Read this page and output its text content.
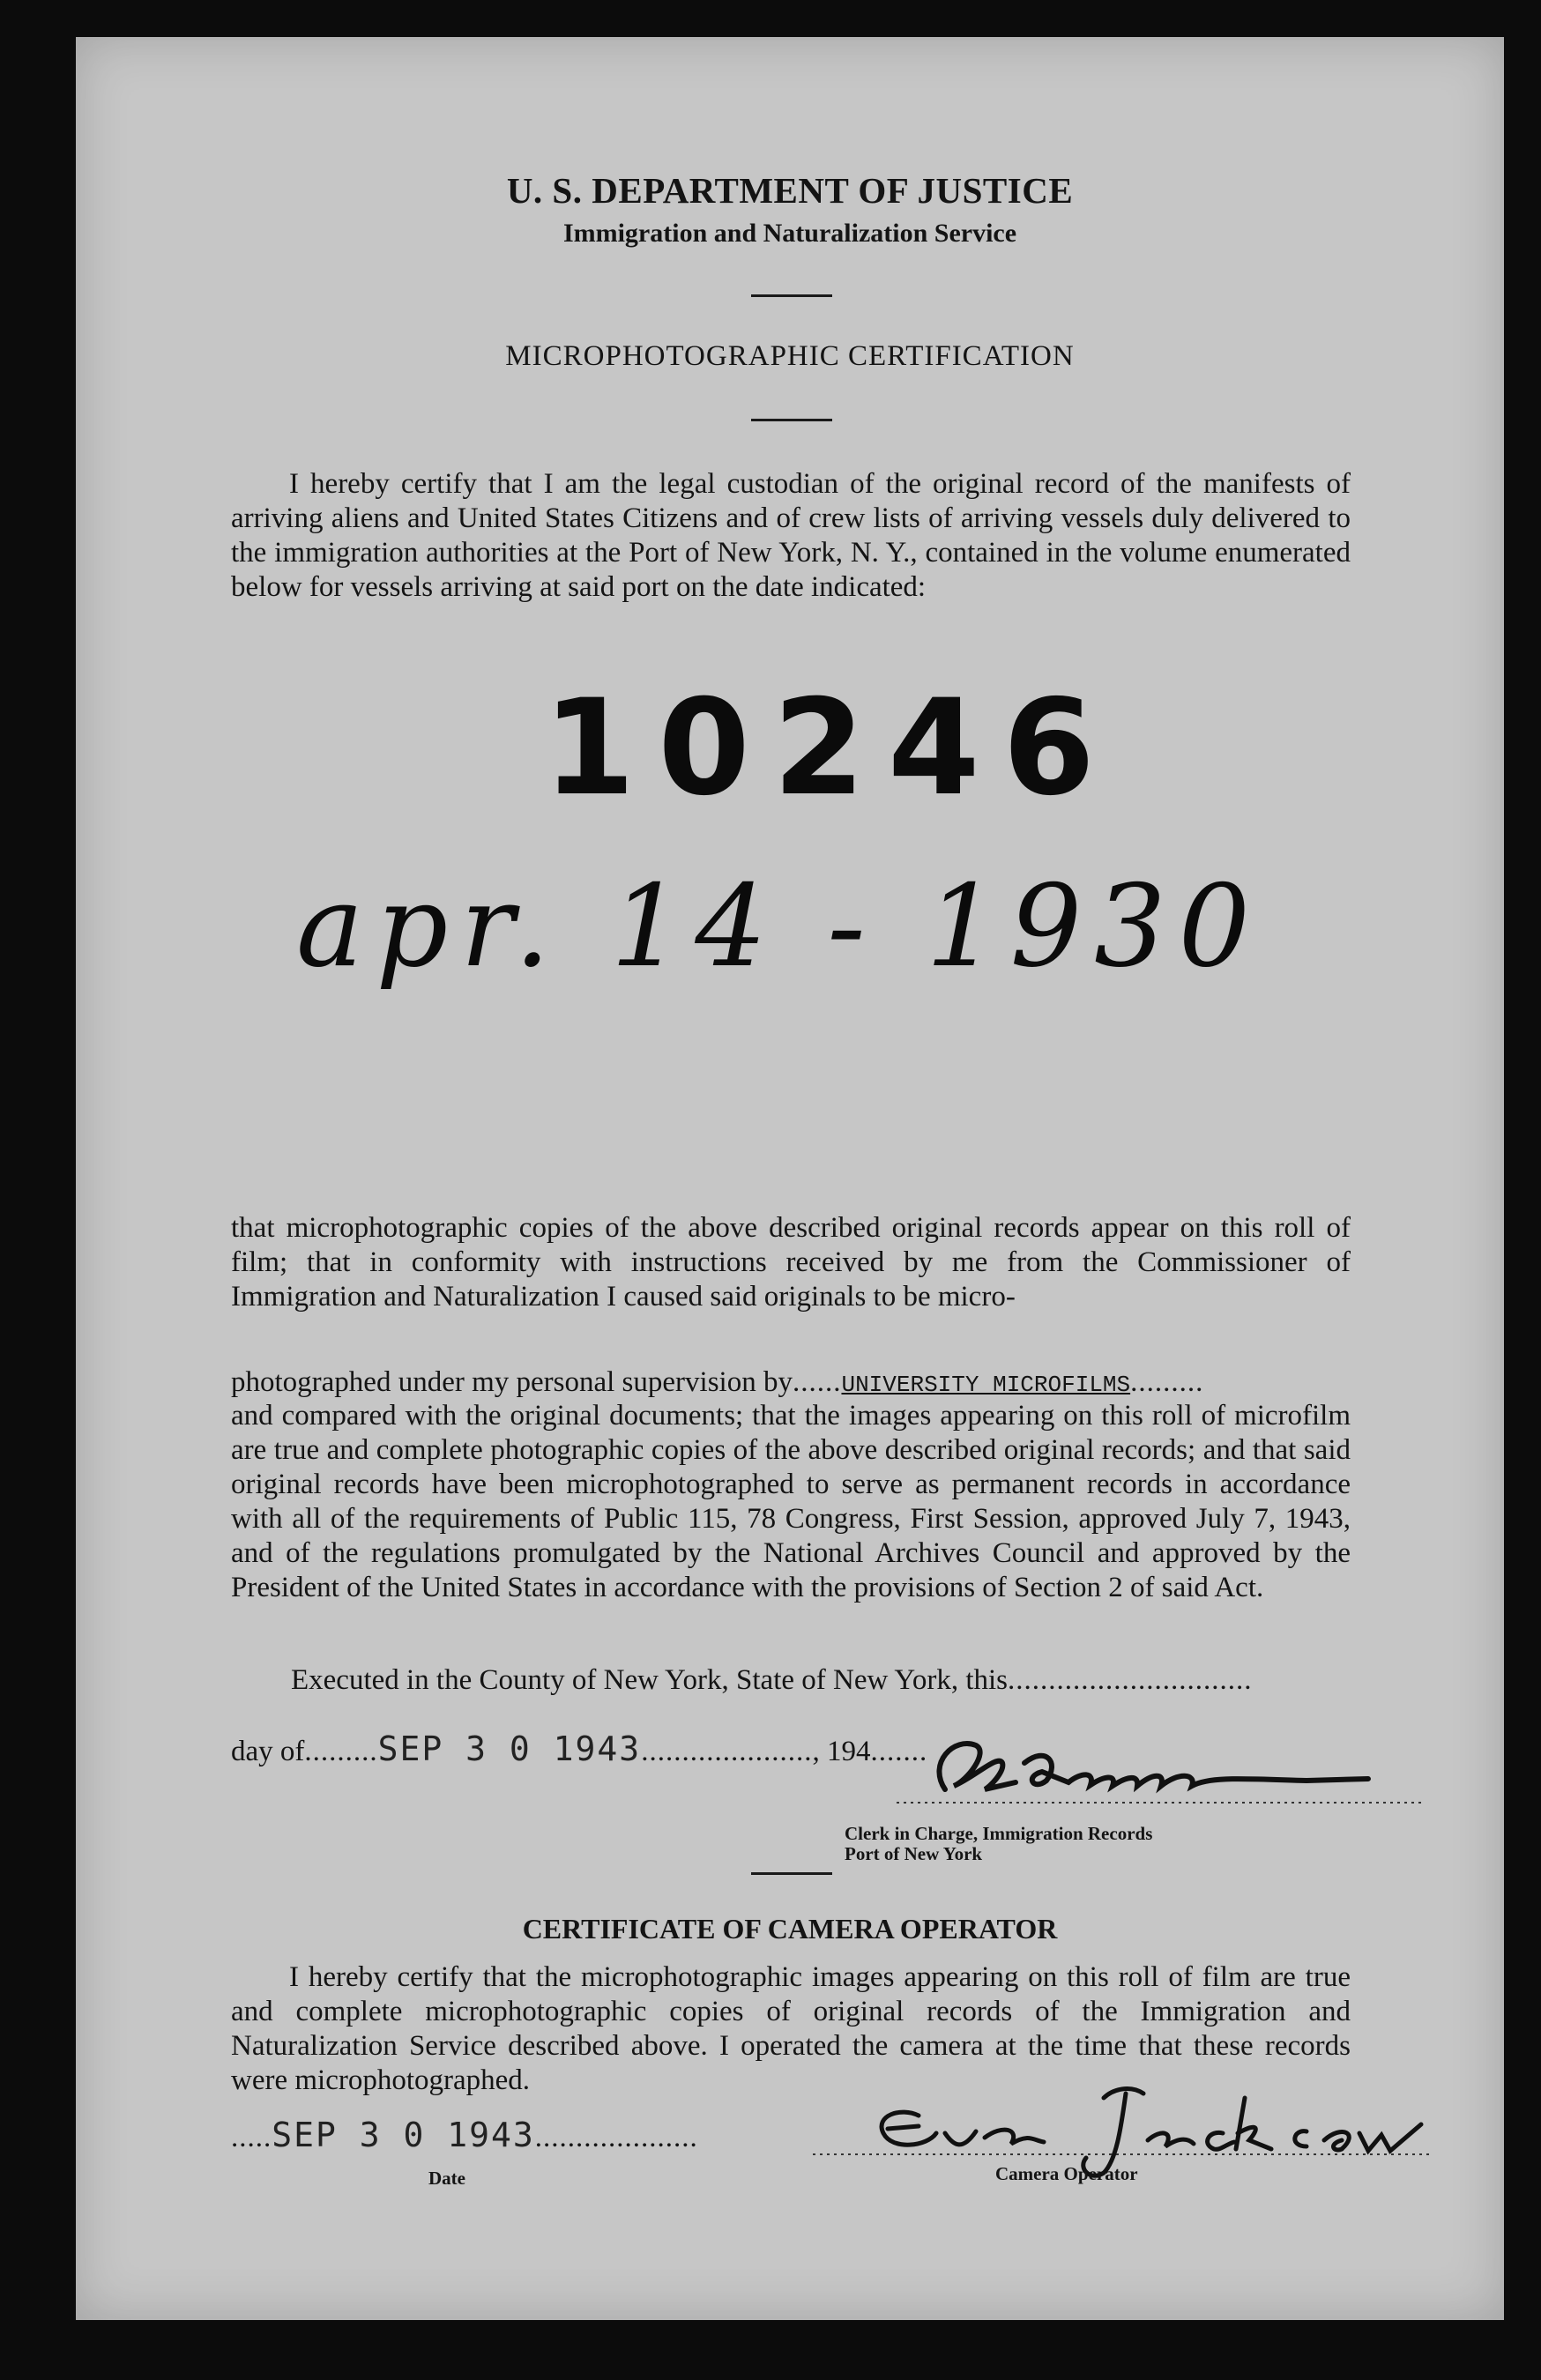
U. S. DEPARTMENT OF JUSTICE
Immigration and Naturalization Service
MICROPHOTOGRAPHIC CERTIFICATION
I hereby certify that I am the legal custodian of the original record of the manifests of arriving aliens and United States Citizens and of crew lists of arriving vessels duly delivered to the immigration authorities at the Port of New York, N. Y., contained in the volume enumerated below for vessels arriving at said port on the date indicated:
10246
apr. 14 - 1930
that microphotographic copies of the above described original records appear on this roll of film; that in conformity with instructions received by me from the Commissioner of Immigration and Naturalization I caused said originals to be micro-
photographed under my personal supervision by......UNIVERSITY MICROFILMS.........
and compared with the original documents; that the images appearing on this roll of microfilm are true and complete photographic copies of the above described original records; and that said original records have been microphotographed to serve as permanent records in accordance with all of the requirements of Public 115, 78 Congress, First Session, approved July 7, 1943, and of the regulations promulgated by the National Archives Council and approved by the President of the United States in accordance with the provisions of Section 2 of said Act.
Executed in the County of New York, State of New York, this..............................
day of.........SEP 3 0 1943....................., 194.......
Clerk in Charge, Immigration Records
Port of New York
CERTIFICATE OF CAMERA OPERATOR
I hereby certify that the microphotographic images appearing on this roll of film are true and complete microphotographic copies of original records of the Immigration and Naturalization Service described above. I operated the camera at the time that these records were microphotographed.
.....SEP 3 0 1943....................
Date	Camera Operator
